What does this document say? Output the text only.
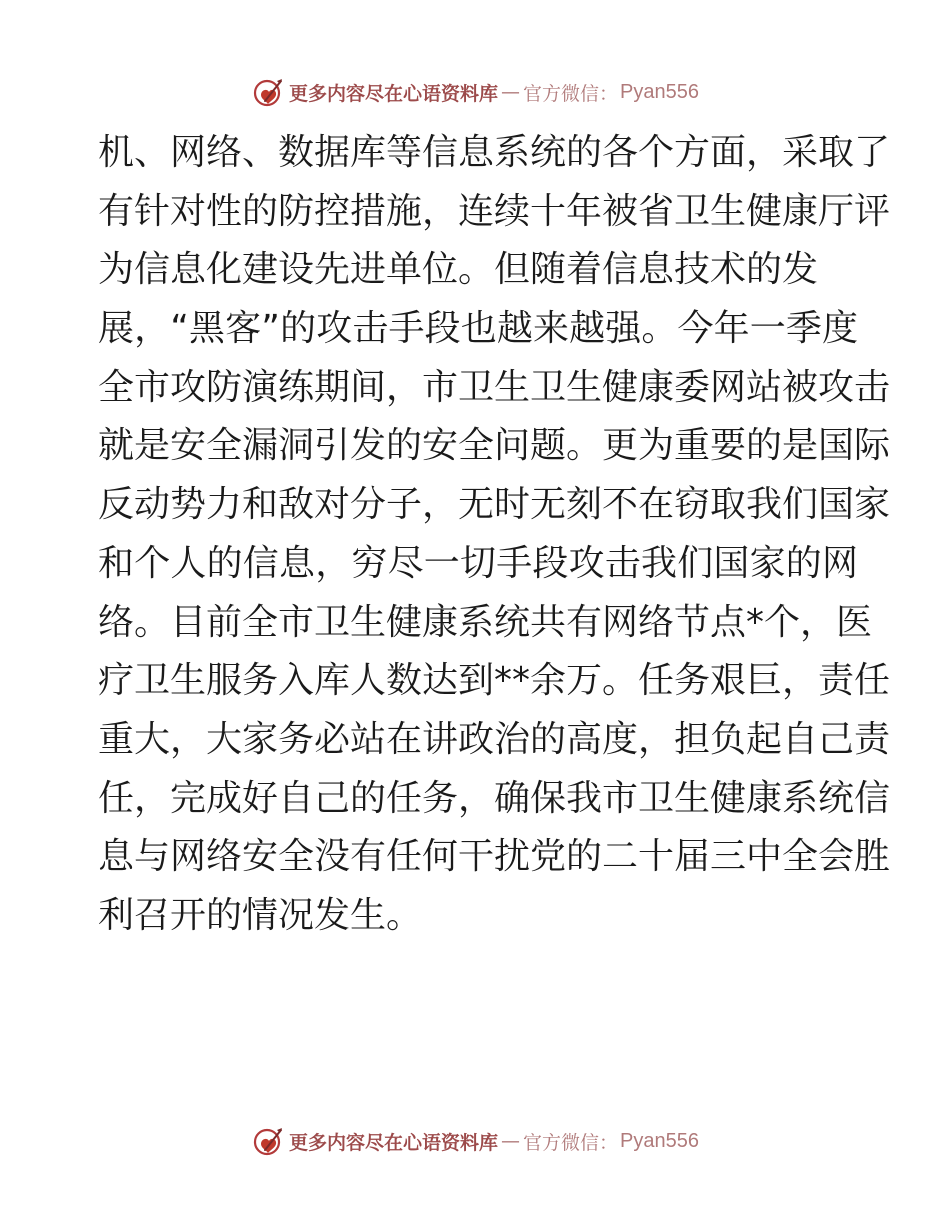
更多内容尽在心语资料库 — 官方微信： Pyan556
机、网络、数据库等信息系统的各个方面，采取了
有针对性的防控措施，连续十年被省卫生健康厅评
为信息化建设先进单位。但随着信息技术的发
展，“黑客”的攻击手段也越来越强。今年一季度
全市攻防演练期间，市卫生卫生健康委网站被攻击
就是安全漏洞引发的安全问题。更为重要的是国际
反动势力和敌对分子，无时无刻不在窃取我们国家
和个人的信息，穷尽一切手段攻击我们国家的网
络。目前全市卫生健康系统共有网络节点*个，医
疗卫生服务入库人数达到**余万。任务艰巨，责任
重大，大家务必站在讲政治的高度，担负起自己责
任，完成好自己的任务，确保我市卫生健康系统信
息与网络安全没有任何干扰党的二十届三中全会胜
利召开的情况发生。
更多内容尽在心语资料库 — 官方微信： Pyan556
